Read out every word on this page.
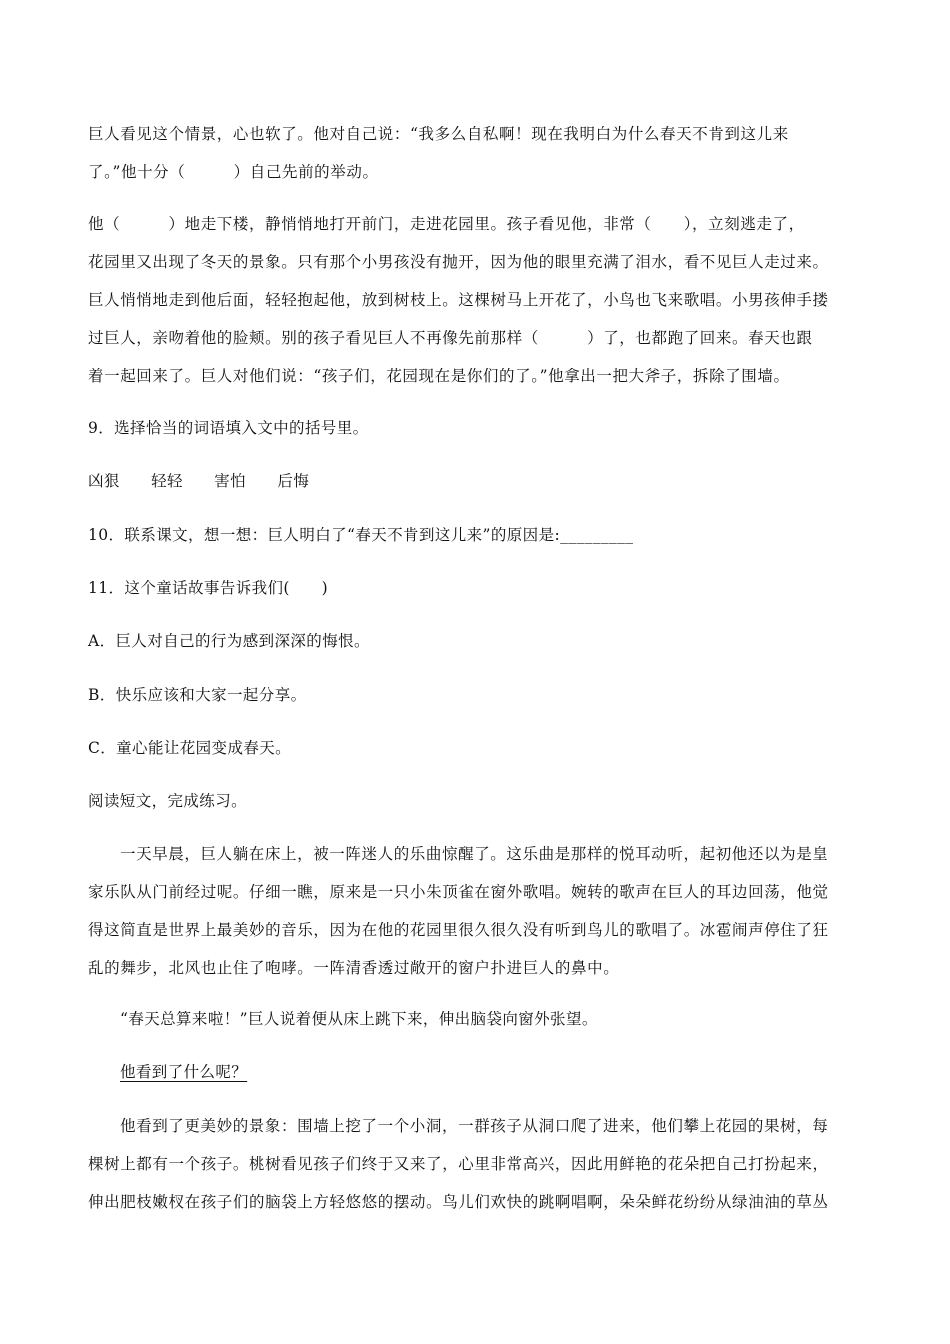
巨人看见这个情景，心也软了。他对自己说：“我多么自私啊！现在我明白为什么春天不肯到这儿来
了。”他十分（　　　）自己先前的举动。
他（　　　）地走下楼，静悄悄地打开前门，走进花园里。孩子看见他，非常（　　），立刻逃走了，
花园里又出现了冬天的景象。只有那个小男孩没有抛开，因为他的眼里充满了泪水，看不见巨人走过来。
巨人悄悄地走到他后面，轻轻抱起他，放到树枝上。这棵树马上开花了，小鸟也飞来歌唱。小男孩伸手搂
过巨人，亲吻着他的脸颊。别的孩子看见巨人不再像先前那样（　　　）了，也都跑了回来。春天也跟
着一起回来了。巨人对他们说：“孩子们，花园现在是你们的了。”他拿出一把大斧子，拆除了围墙。
9．选择恰当的词语填入文中的括号里。
凶狠 轻轻 害怕 后悔
10．联系课文，想一想：巨人明白了“春天不肯到这儿来”的原因是:_________
11．这个童话故事告诉我们(　　)
A．巨人对自己的行为感到深深的悔恨。
B．快乐应该和大家一起分享。
C．童心能让花园变成春天。
阅读短文，完成练习。
一天早晨，巨人躺在床上，被一阵迷人的乐曲惊醒了。这乐曲是那样的悦耳动听，起初他还以为是皇
家乐队从门前经过呢。仔细一瞧，原来是一只小朱顶雀在窗外歌唱。婉转的歌声在巨人的耳边回荡，他觉
得这简直是世界上最美妙的音乐，因为在他的花园里很久很久没有听到鸟儿的歌唱了。冰雹闹声停住了狂
乱的舞步，北风也止住了咆哮。一阵清香透过敞开的窗户扑进巨人的鼻中。
“春天总算来啦！”巨人说着便从床上跳下来，伸出脑袋向窗外张望。
他看到了什么呢？
他看到了更美妙的景象：围墙上挖了一个小洞，一群孩子从洞口爬了进来，他们攀上花园的果树，每
棵树上都有一个孩子。桃树看见孩子们终于又来了，心里非常高兴，因此用鲜艳的花朵把自己打扮起来，
伸出肥枝嫩杈在孩子们的脑袋上方轻悠悠的摆动。鸟儿们欢快的跳啊唱啊，朵朵鲜花纷纷从绿油油的草丛
